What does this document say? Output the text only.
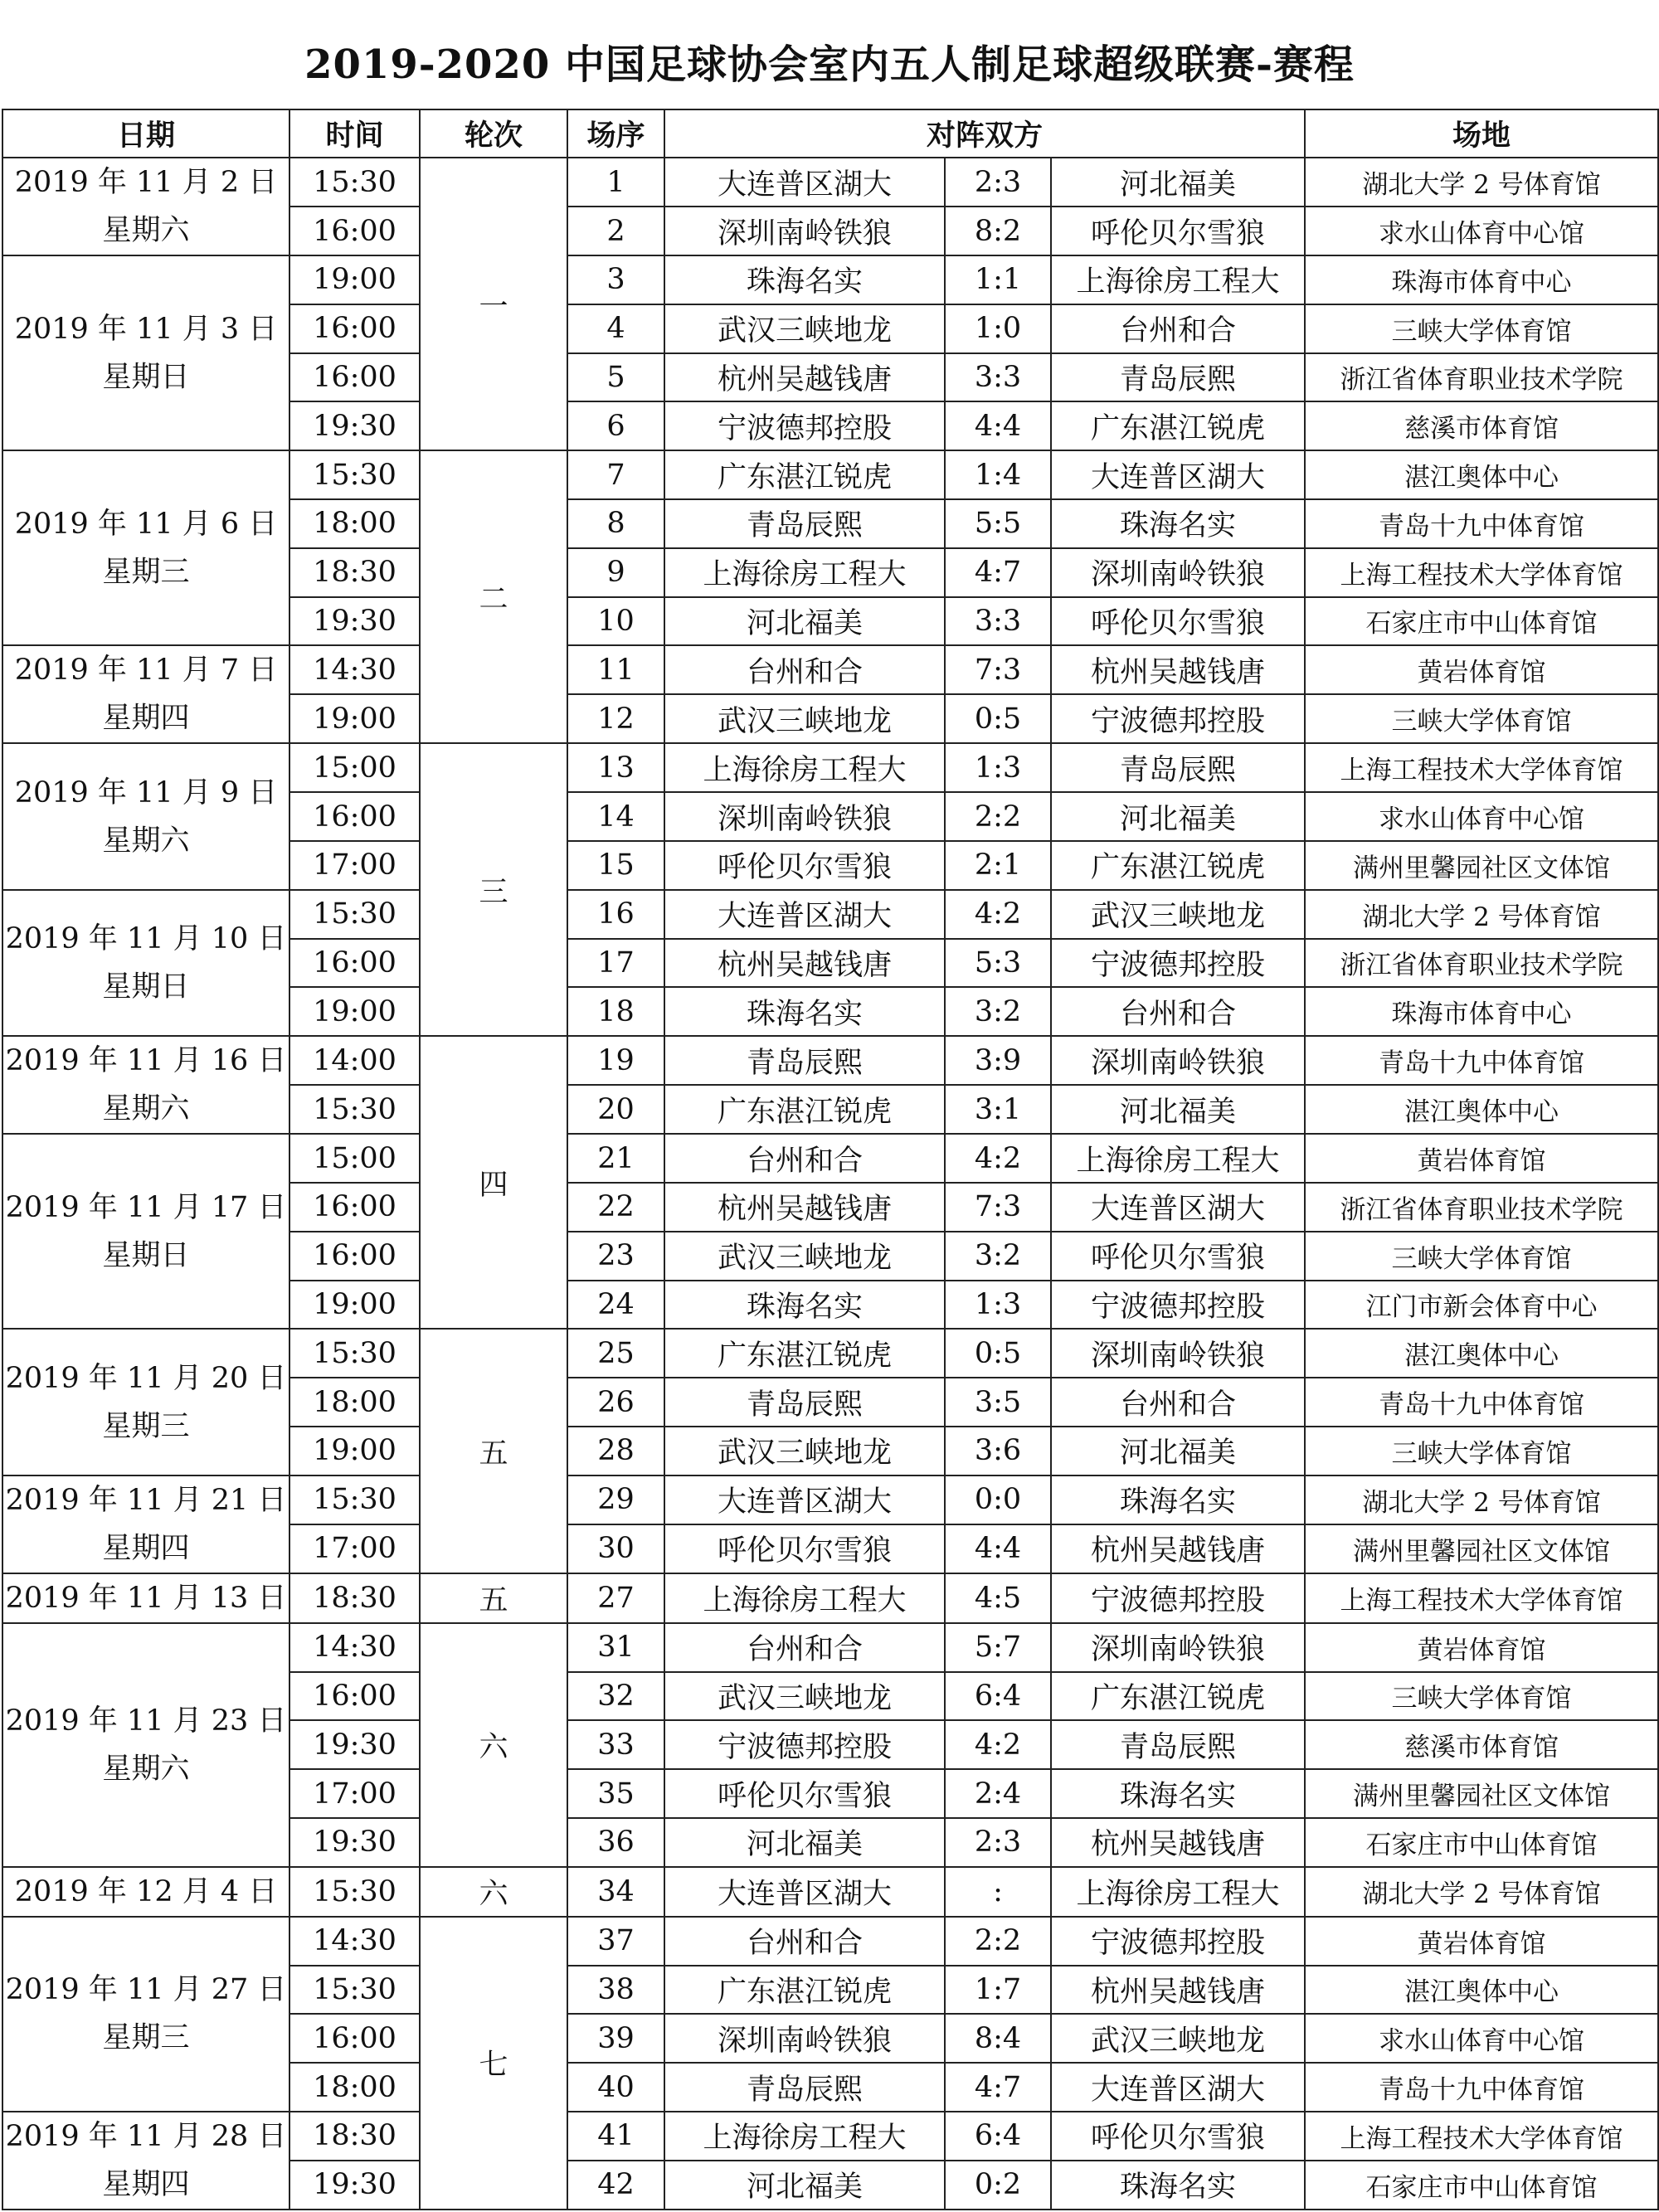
2019-2020 中国足球协会室内五人制足球超级联赛-赛程
日期	时间	轮次	场序	对阵双方			场地

2019 年 11 月 2 日
星期六	15:30	一	1	大连普区湖大	2:3	河北福美	湖北大学 2 号体育馆
	16:00		2	深圳南岭铁狼	8:2	呼伦贝尔雪狼	求水山体育中心馆

2019 年 11 月 3 日
星期日	19:00		3	珠海名实	1:1	上海徐房工程大	珠海市体育中心
	16:00		4	武汉三峡地龙	1:0	台州和合	三峡大学体育馆
	16:00		5	杭州吴越钱唐	3:3	青岛辰熙	浙江省体育职业技术学院
	19:30		6	宁波德邦控股	4:4	广东湛江锐虎	慈溪市体育馆

2019 年 11 月 6 日
星期三	15:30	二	7	广东湛江锐虎	1:4	大连普区湖大	湛江奥体中心
	18:00		8	青岛辰熙	5:5	珠海名实	青岛十九中体育馆
	18:30		9	上海徐房工程大	4:7	深圳南岭铁狼	上海工程技术大学体育馆
	19:30		10	河北福美	3:3	呼伦贝尔雪狼	石家庄市中山体育馆

2019 年 11 月 7 日
星期四	14:30		11	台州和合	7:3	杭州吴越钱唐	黄岩体育馆
	19:00		12	武汉三峡地龙	0:5	宁波德邦控股	三峡大学体育馆

2019 年 11 月 9 日
星期六	15:00	三	13	上海徐房工程大	1:3	青岛辰熙	上海工程技术大学体育馆
	16:00		14	深圳南岭铁狼	2:2	河北福美	求水山体育中心馆
	17:00		15	呼伦贝尔雪狼	2:1	广东湛江锐虎	满州里馨园社区文体馆

2019 年 11 月 10 日
星期日	15:30		16	大连普区湖大	4:2	武汉三峡地龙	湖北大学 2 号体育馆
	16:00		17	杭州吴越钱唐	5:3	宁波德邦控股	浙江省体育职业技术学院
	19:00		18	珠海名实	3:2	台州和合	珠海市体育中心

2019 年 11 月 16 日
星期六	14:00	四	19	青岛辰熙	3:9	深圳南岭铁狼	青岛十九中体育馆
	15:30		20	广东湛江锐虎	3:1	河北福美	湛江奥体中心

2019 年 11 月 17 日
星期日	15:00		21	台州和合	4:2	上海徐房工程大	黄岩体育馆
	16:00		22	杭州吴越钱唐	7:3	大连普区湖大	浙江省体育职业技术学院
	16:00		23	武汉三峡地龙	3:2	呼伦贝尔雪狼	三峡大学体育馆
	19:00		24	珠海名实	1:3	宁波德邦控股	江门市新会体育中心

2019 年 11 月 20 日
星期三	15:30	五	25	广东湛江锐虎	0:5	深圳南岭铁狼	湛江奥体中心
	18:00		26	青岛辰熙	3:5	台州和合	青岛十九中体育馆
	19:00		28	武汉三峡地龙	3:6	河北福美	三峡大学体育馆

2019 年 11 月 21 日
星期四	15:30		29	大连普区湖大	0:0	珠海名实	湖北大学 2 号体育馆
	17:00		30	呼伦贝尔雪狼	4:4	杭州吴越钱唐	满州里馨园社区文体馆

2019 年 11 月 13 日	18:30	五	27	上海徐房工程大	4:5	宁波德邦控股	上海工程技术大学体育馆

2019 年 11 月 23 日
星期六	14:30	六	31	台州和合	5:7	深圳南岭铁狼	黄岩体育馆
	16:00		32	武汉三峡地龙	6:4	广东湛江锐虎	三峡大学体育馆
	19:30		33	宁波德邦控股	4:2	青岛辰熙	慈溪市体育馆
	17:00		35	呼伦贝尔雪狼	2:4	珠海名实	满州里馨园社区文体馆
	19:30		36	河北福美	2:3	杭州吴越钱唐	石家庄市中山体育馆

2019 年 12 月 4 日	15:30	六	34	大连普区湖大	:	上海徐房工程大	湖北大学 2 号体育馆

2019 年 11 月 27 日
星期三	14:30	七	37	台州和合	2:2	宁波德邦控股	黄岩体育馆
	15:30		38	广东湛江锐虎	1:7	杭州吴越钱唐	湛江奥体中心
	16:00		39	深圳南岭铁狼	8:4	武汉三峡地龙	求水山体育中心馆
	18:00		40	青岛辰熙	4:7	大连普区湖大	青岛十九中体育馆

2019 年 11 月 28 日
星期四	18:30		41	上海徐房工程大	6:4	呼伦贝尔雪狼	上海工程技术大学体育馆
	19:30		42	河北福美	0:2	珠海名实	石家庄市中山体育馆
